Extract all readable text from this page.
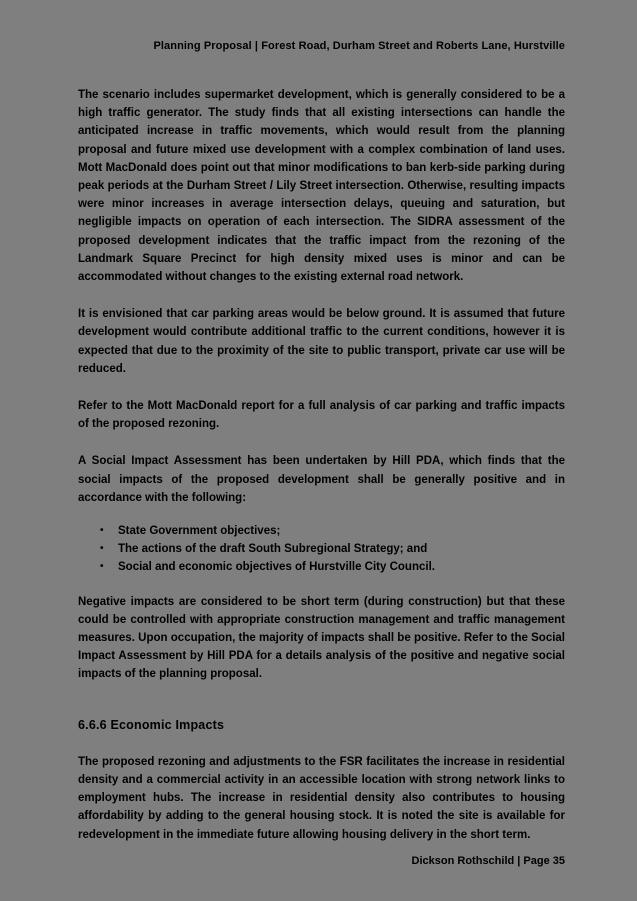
Planning Proposal | Forest Road, Durham Street and Roberts Lane, Hurstville

The scenario includes supermarket development, which is generally considered to be a high traffic generator. The study finds that all existing intersections can handle the anticipated increase in traffic movements, which would result from the planning proposal and future mixed use development with a complex combination of land uses. Mott MacDonald does point out that minor modifications to ban kerb-side parking during peak periods at the Durham Street / Lily Street intersection. Otherwise, resulting impacts were minor increases in average intersection delays, queuing and saturation, but negligible impacts on operation of each intersection. The SIDRA assessment of the proposed development indicates that the traffic impact from the rezoning of the Landmark Square Precinct for high density mixed uses is minor and can be accommodated without changes to the existing external road network.

It is envisioned that car parking areas would be below ground. It is assumed that future development would contribute additional traffic to the current conditions, however it is expected that due to the proximity of the site to public transport, private car use will be reduced.

Refer to the Mott MacDonald report for a full analysis of car parking and traffic impacts of the proposed rezoning.

A Social Impact Assessment has been undertaken by Hill PDA, which finds that the social impacts of the proposed development shall be generally positive and in accordance with the following:

•	State Government objectives;
•	The actions of the draft South Subregional Strategy; and
•	Social and economic objectives of Hurstville City Council.

Negative impacts are considered to be short term (during construction) but that these could be controlled with appropriate construction management and traffic management measures. Upon occupation, the majority of impacts shall be positive. Refer to the Social Impact Assessment by Hill PDA for a details analysis of the positive and negative social impacts of the planning proposal.

6.6.6 Economic Impacts

The proposed rezoning and adjustments to the FSR facilitates the increase in residential density and a commercial activity in an accessible location with strong network links to employment hubs. The increase in residential density also contributes to housing affordability by adding to the general housing stock. It is noted the site is available for redevelopment in the immediate future allowing housing delivery in the short term.

Dickson Rothschild | Page 35
